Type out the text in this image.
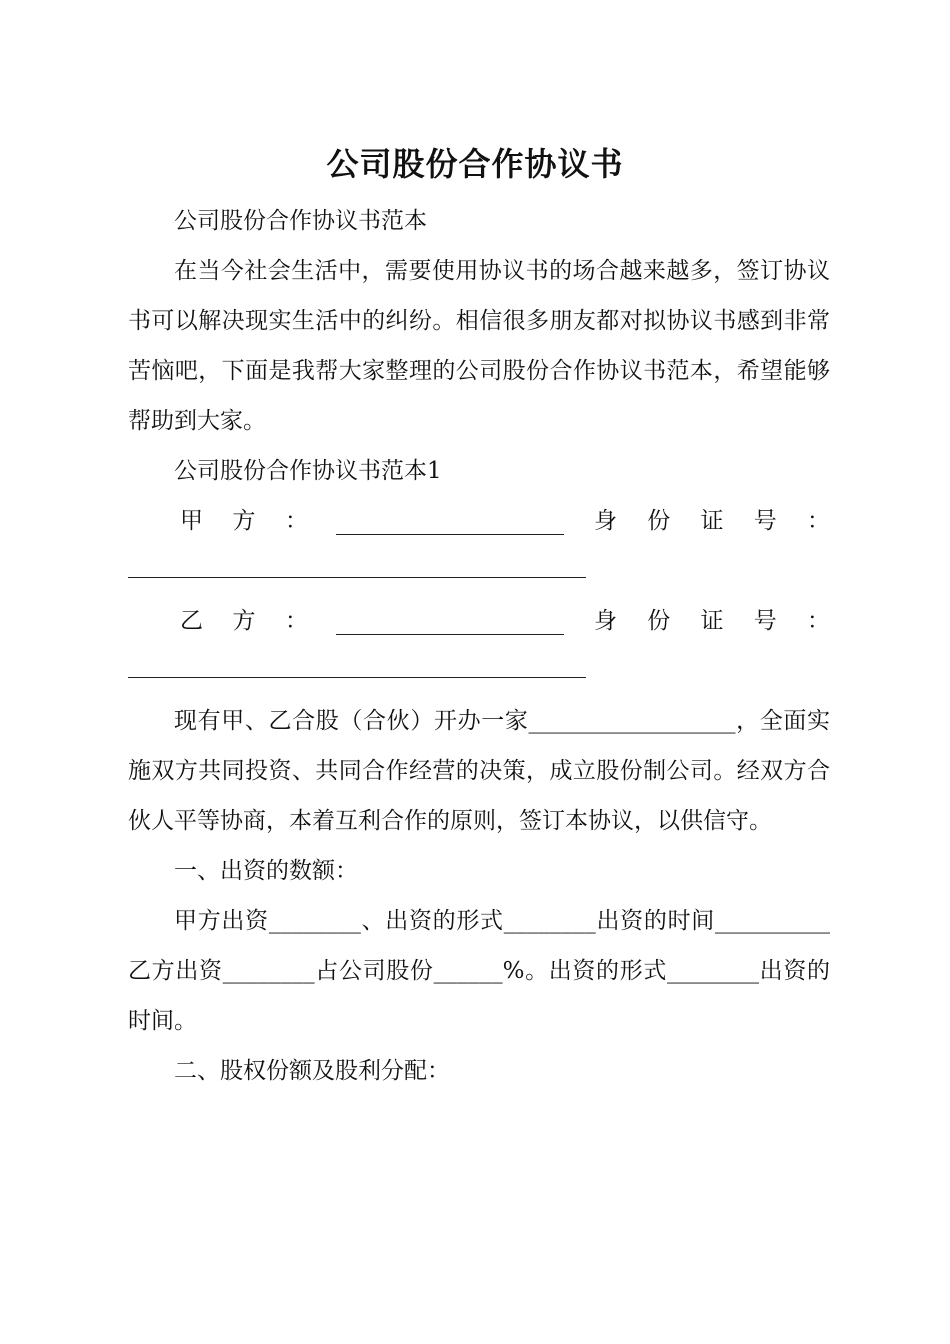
公司股份合作协议书

公司股份合作协议书范本

在当今社会生活中，需要使用协议书的场合越来越多，签订协议书可以解决现实生活中的纠纷。相信很多朋友都对拟协议书感到非常苦恼吧，下面是我帮大家整理的公司股份合作协议书范本，希望能够帮助到大家。

公司股份合作协议书范本1

甲 方 ：	身 份 证 号 ：
乙 方 ：	身 份 证 号 ：

现有甲、乙合股（合伙）开办一家__________________，全面实施双方共同投资、共同合作经营的决策，成立股份制公司。经双方合伙人平等协商，本着互利合作的原则，签订本协议，以供信守。

一、出资的数额：

甲方出资________、出资的形式________出资的时间__________乙方出资________占公司股份______%。出资的形式________出资的时间。

二、股权份额及股利分配：
